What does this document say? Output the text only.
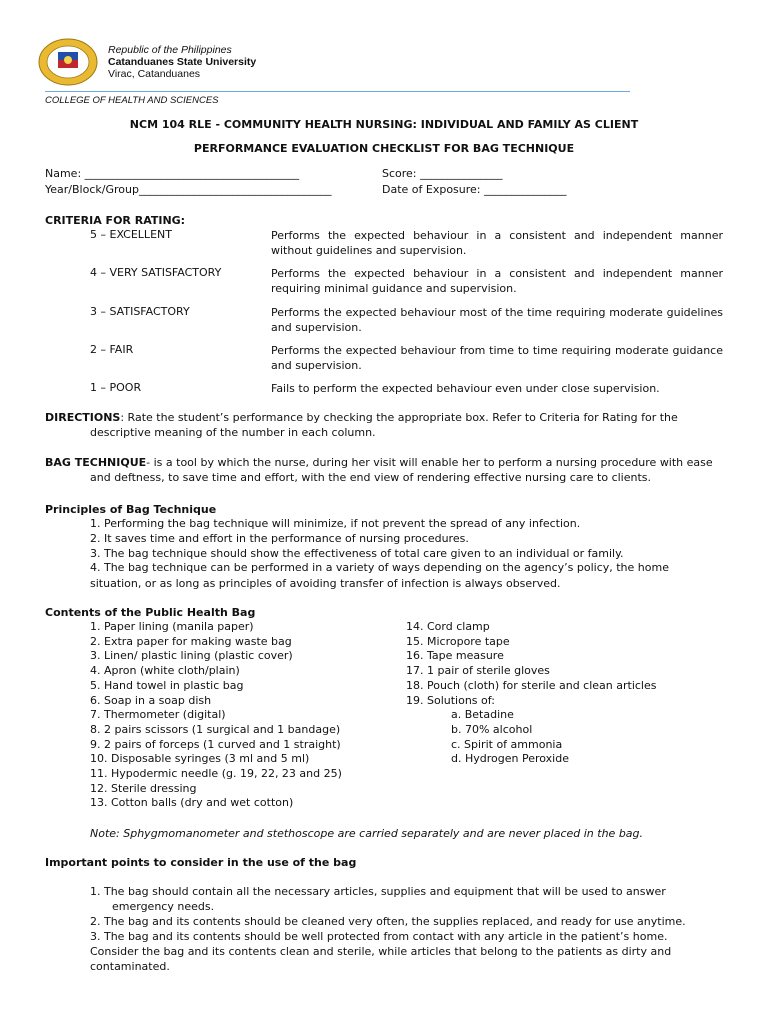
Republic of the Philippines
Catanduanes State University
Virac, Catanduanes
COLLEGE OF HEALTH AND SCIENCES
NCM 104 RLE - COMMUNITY HEALTH NURSING: INDIVIDUAL AND FAMILY AS CLIENT
PERFORMANCE EVALUATION CHECKLIST FOR BAG TECHNIQUE
Name: _______________________________________	Score: _______________
Year/Block/Group___________________________________	Date of Exposure: _______________
CRITERIA FOR RATING:
5 – EXCELLENT	Performs the expected behaviour in a consistent and independent manner without guidelines and supervision.
4 – VERY SATISFACTORY	Performs the expected behaviour in a consistent and independent manner requiring minimal guidance and supervision.
3 – SATISFACTORY	Performs the expected behaviour most of the time requiring moderate guidelines and supervision.
2 – FAIR	Performs the expected behaviour from time to time requiring moderate guidance and supervision.
1 – POOR	Fails to perform the expected behaviour even under close supervision.
DIRECTIONS: Rate the student’s performance by checking the appropriate box. Refer to Criteria for Rating for the
descriptive meaning of the number in each column.
BAG TECHNIQUE- is a tool by which the nurse, during her visit will enable her to perform a nursing procedure with ease
and deftness, to save time and effort, with the end view of rendering effective nursing care to clients.
Principles of Bag Technique
1. Performing the bag technique will minimize, if not prevent the spread of any infection.
2. It saves time and effort in the performance of nursing procedures.
3. The bag technique should show the effectiveness of total care given to an individual or family.
4. The bag technique can be performed in a variety of ways depending on the agency’s policy, the home
situation, or as long as principles of avoiding transfer of infection is always observed.
Contents of the Public Health Bag
1. Paper lining (manila paper)
2. Extra paper for making waste bag
3. Linen/ plastic lining (plastic cover)
4. Apron (white cloth/plain)
5. Hand towel in plastic bag
6. Soap in a soap dish
7. Thermometer (digital)
8. 2 pairs scissors (1 surgical and 1 bandage)
9. 2 pairs of forceps (1 curved and 1 straight)
10. Disposable syringes (3 ml and 5 ml)
11. Hypodermic needle (g. 19, 22, 23 and 25)
12. Sterile dressing
13. Cotton balls (dry and wet cotton)
14. Cord clamp
15. Micropore tape
16. Tape measure
17. 1 pair of sterile gloves
18. Pouch (cloth) for sterile and clean articles
19. Solutions of:
a. Betadine
b. 70% alcohol
c. Spirit of ammonia
d. Hydrogen Peroxide
Note: Sphygmomanometer and stethoscope are carried separately and are never placed in the bag.
Important points to consider in the use of the bag
1. The bag should contain all the necessary articles, supplies and equipment that will be used to answer
emergency needs.
2. The bag and its contents should be cleaned very often, the supplies replaced, and ready for use anytime.
3. The bag and its contents should be well protected from contact with any article in the patient’s home.
Consider the bag and its contents clean and sterile, while articles that belong to the patients as dirty and
contaminated.
